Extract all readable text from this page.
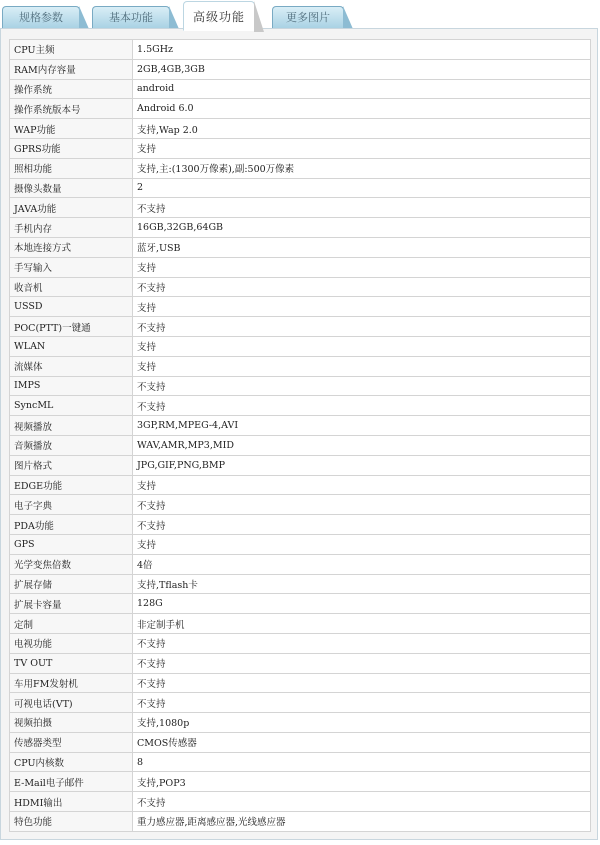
规格参数	基本功能	高级功能	更多图片
CPU主频	1.5GHz
RAM内存容量	2GB,4GB,3GB
操作系统	android
操作系统版本号	Android 6.0
WAP功能	支持,Wap 2.0
GPRS功能	支持
照相功能	支持,主:(1300万像素),副:500万像素
摄像头数量	2
JAVA功能	不支持
手机内存	16GB,32GB,64GB
本地连接方式	蓝牙,USB
手写输入	支持
收音机	不支持
USSD	支持
POC(PTT)一键通	不支持
WLAN	支持
流媒体	支持
IMPS	不支持
SyncML	不支持
视频播放	3GP,RM,MPEG-4,AVI
音频播放	WAV,AMR,MP3,MID
图片格式	JPG,GIF,PNG,BMP
EDGE功能	支持
电子字典	不支持
PDA功能	不支持
GPS	支持
光学变焦倍数	4倍
扩展存储	支持,Tflash卡
扩展卡容量	128G
定制	非定制手机
电视功能	不支持
TV OUT	不支持
车用FM发射机	不支持
可视电话(VT)	不支持
视频拍摄	支持,1080p
传感器类型	CMOS传感器
CPU内核数	8
E-Mail电子邮件	支持,POP3
HDMI输出	不支持
特色功能	重力感应器,距离感应器,光线感应器
